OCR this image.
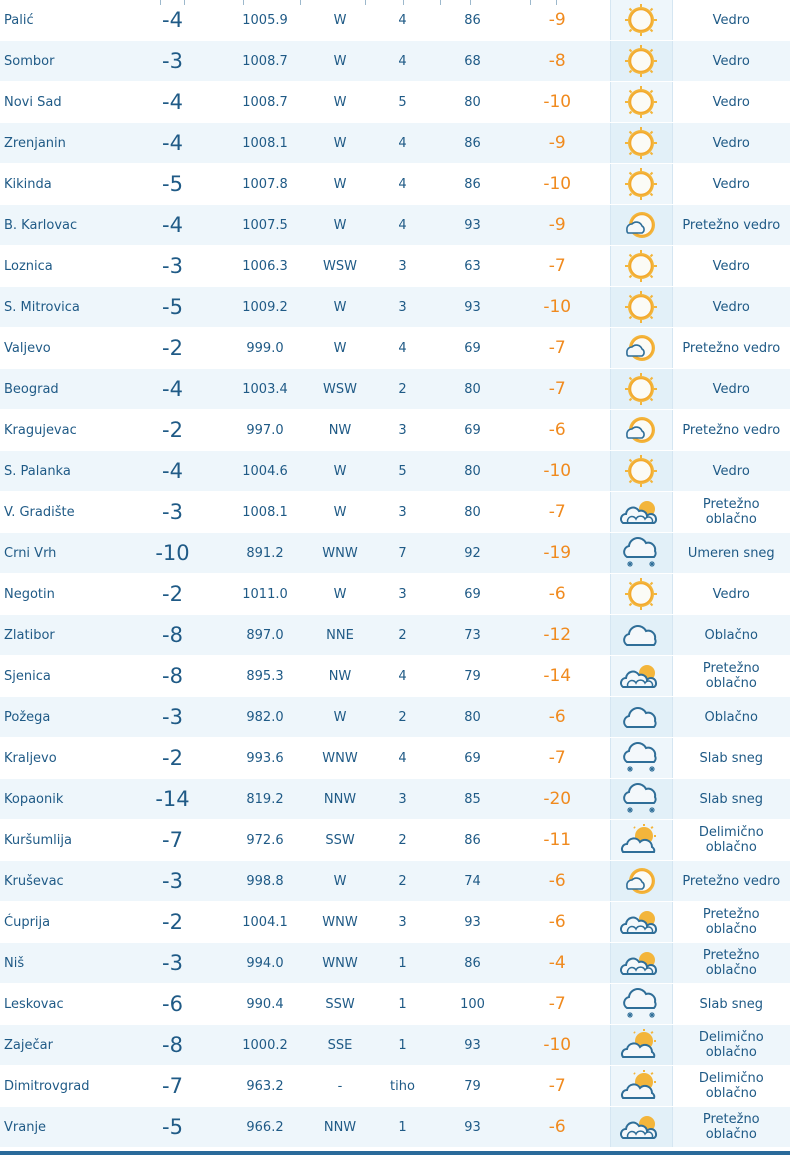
Palić	-4	1005.9	W	4	86	-9		Vedro

Sombor	-3	1008.7	W	4	68	-8		Vedro

Novi Sad	-4	1008.7	W	5	80	-10		Vedro

Zrenjanin	-4	1008.1	W	4	86	-9		Vedro

Kikinda	-5	1007.8	W	4	86	-10		Vedro

B. Karlovac	-4	1007.5	W	4	93	-9		Pretežno vedro

Loznica	-3	1006.3	WSW	3	63	-7		Vedro

S. Mitrovica	-5	1009.2	W	3	93	-10		Vedro

Valjevo	-2	999.0	W	4	69	-7		Pretežno vedro

Beograd	-4	1003.4	WSW	2	80	-7		Vedro

Kragujevac	-2	997.0	NW	3	69	-6		Pretežno vedro

S. Palanka	-4	1004.6	W	5	80	-10		Vedro

V. Gradište	-3	1008.1	W	3	80	-7		Pretežno
oblačno

Crni Vrh	-10	891.2	WNW	7	92	-19		Umeren sneg

Negotin	-2	1011.0	W	3	69	-6		Vedro

Zlatibor	-8	897.0	NNE	2	73	-12		Oblačno

Sjenica	-8	895.3	NW	4	79	-14		Pretežno
oblačno

Požega	-3	982.0	W	2	80	-6		Oblačno

Kraljevo	-2	993.6	WNW	4	69	-7		Slab sneg

Kopaonik	-14	819.2	NNW	3	85	-20		Slab sneg

Kuršumlija	-7	972.6	SSW	2	86	-11		Delimično
oblačno

Kruševac	-3	998.8	W	2	74	-6		Pretežno vedro

Ćuprija	-2	1004.1	WNW	3	93	-6		Pretežno
oblačno

Niš	-3	994.0	WNW	1	86	-4		Pretežno
oblačno

Leskovac	-6	990.4	SSW	1	100	-7		Slab sneg

Zaječar	-8	1000.2	SSE	1	93	-10		Delimično
oblačno

Dimitrovgrad	-7	963.2	-	tiho	79	-7		Delimično
oblačno

Vranje	-5	966.2	NNW	1	93	-6		Pretežno
oblačno
